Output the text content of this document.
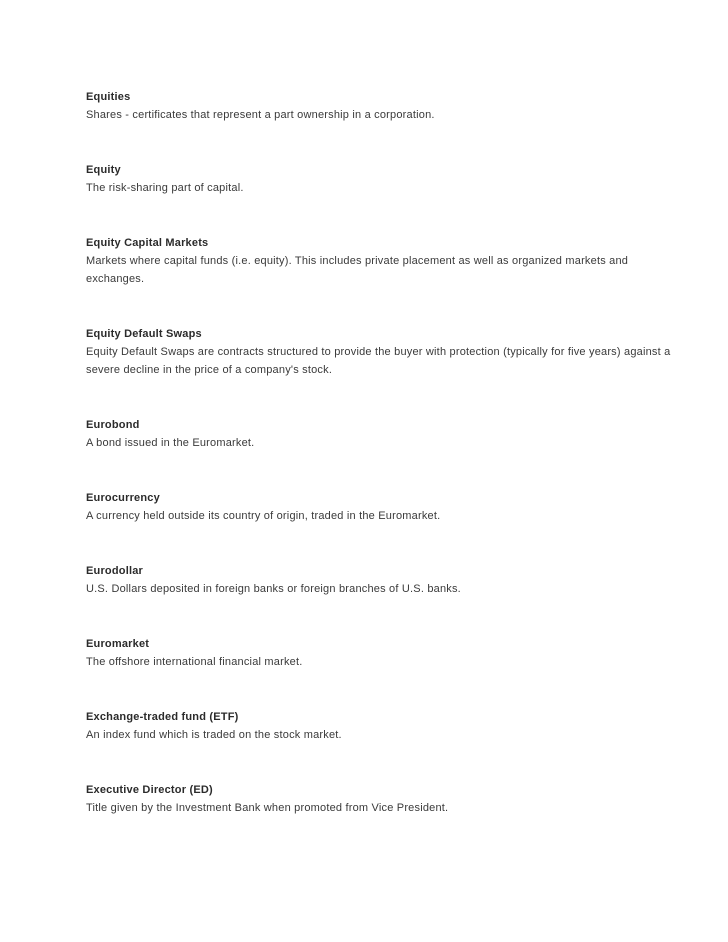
Equities

Shares - certificates that represent a part ownership in a corporation.

Equity

The risk-sharing part of capital.

Equity Capital Markets

Markets where capital funds (i.e. equity). This includes private placement as well as organized markets and exchanges.

Equity Default Swaps

Equity Default Swaps are contracts structured to provide the buyer with protection (typically for five years) against a severe decline in the price of a company's stock.

Eurobond

A bond issued in the Euromarket.

Eurocurrency

A currency held outside its country of origin, traded in the Euromarket.

Eurodollar

U.S. Dollars deposited in foreign banks or foreign branches of U.S. banks.

Euromarket

The offshore international financial market.

Exchange-traded fund (ETF)

An index fund which is traded on the stock market.

Executive Director (ED)

Title given by the Investment Bank when promoted from Vice President.
